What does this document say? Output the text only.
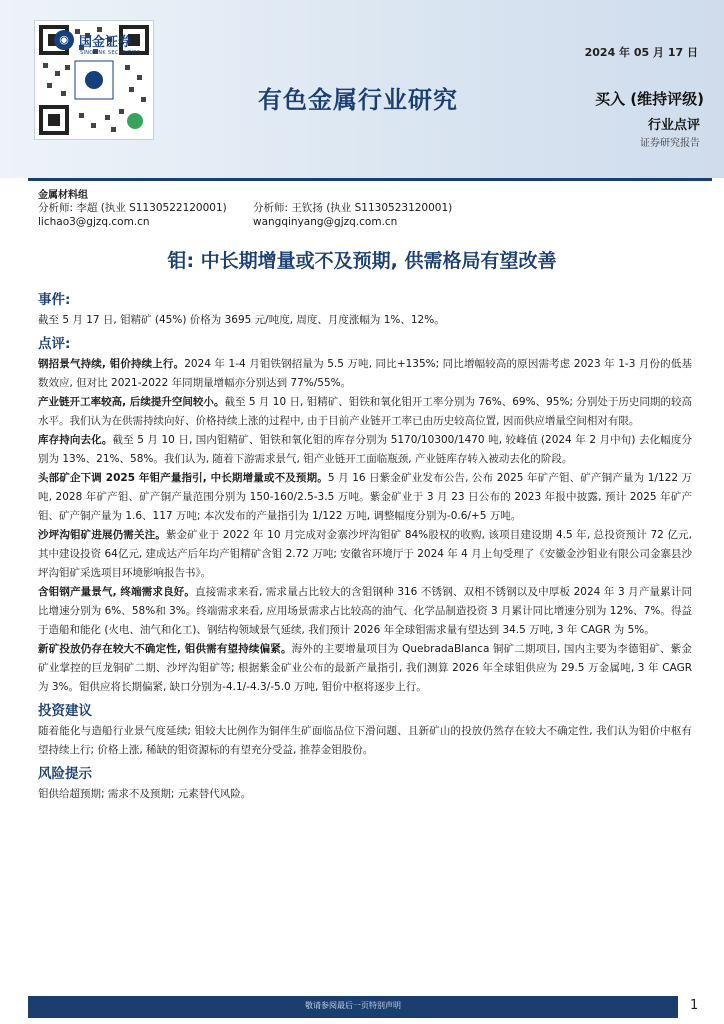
◉ 国金证券
SINOLINK SECURITIES	2024 年 05 月 17 日
有色金属行业研究	买入 (维持评级)
行业点评
证券研究报告
金属材料组
分析师: 李超 (执业 S1130522120001) 分析师: 王钦扬 (执业 S1130523120001)
lichao3@gjzq.com.cn	wangqinyang@gjzq.com.cn
钼: 中长期增量或不及预期, 供需格局有望改善
事件:

截至 5 月 17 日, 钼精矿 (45%) 价格为 3695 元/吨度, 周度、月度涨幅为 1%、12%。

点评:

钢招景气持续, 钼价持续上行。2024 年 1-4 月钼铁钢招量为 5.5 万吨, 同比+135%; 同比增幅较高的原因需考虑 2023 年 1-3 月份的低基数效应, 但对比 2021-2022 年同期量增幅亦分别达到 77%/55%。

产业链开工率较高, 后续提升空间较小。截至 5 月 10 日, 钼精矿、钼铁和氧化钼开工率分别为 76%、69%、95%; 分别处于历史同期的较高水平。我们认为在供需持续向好、价格持续上涨的过程中, 由于目前产业链开工率已由历史较高位置, 因而供应增量空间相对有限。

库存持向去化。截至 5 月 10 日, 国内钼精矿、钼铁和氧化钼的库存分别为 5170/10300/1470 吨, 较峰值 (2024 年 2 月中旬) 去化幅度分别为 13%、21%、58%。我们认为, 随着下游需求景气, 钼产业链开工面临瓶颈, 产业链库存转入被动去化的阶段。

头部矿企下调 2025 年钼产量指引, 中长期增量或不及预期。5 月 16 日紫金矿业发布公告, 公布 2025 年矿产钼、矿产铜产量为 1/122 万吨, 2028 年矿产钼、矿产铜产量范围分别为 150-160/2.5-3.5 万吨。紫金矿业于 3 月 23 日公布的 2023 年报中披露, 预计 2025 年矿产钼、矿产铜产量为 1.6、117 万吨; 本次发布的产量指引为 1/122 万吨, 调整幅度分别为-0.6/+5 万吨。

沙坪沟钼矿进展仍需关注。紫金矿业于 2022 年 10 月完成对金寨沙坪沟钼矿 84%股权的收购, 该项目建设期 4.5 年, 总投资预计 72 亿元, 其中建设投资 64亿元, 建成达产后年均产钼精矿含钼 2.72 万吨; 安徽省环境厅于 2024 年 4 月上旬受理了《安徽金沙钼业有限公司金寨县沙坪沟钼矿采选项目环境影响报告书》。

含钼钢产量景气, 终端需求良好。直接需求来看, 需求量占比较大的含钼钢种 316 不锈钢、双相不锈钢以及中厚板 2024 年 3 月产量累计同比增速分别为 6%、58%和 3%。终端需求来看, 应用场景需求占比较高的油气、化学品制造投资 3 月累计同比增速分别为 12%、7%。得益于造船和能化 (火电、油气和化工)、钢结构领域景气延续, 我们预计 2026 年全球钼需求量有望达到 34.5 万吨, 3 年 CAGR 为 5%。

新矿投放仍存在较大不确定性, 钼供需有望持续偏紧。海外的主要增量项目为 QuebradaBlanca 铜矿二期项目, 国内主要为李德钼矿、紫金矿业掌控的巨龙铜矿二期、沙坪沟钼矿等; 根据紫金矿业公布的最新产量指引, 我们测算 2026 年全球钼供应为 29.5 万金属吨, 3 年 CAGR 为 3%。钼供应将长期偏紧, 缺口分别为-4.1/-4.3/-5.0 万吨, 钼价中枢将逐步上行。

投资建议

随着能化与造船行业景气度延续; 钼较大比例作为铜伴生矿面临品位下滑问题、且新矿山的投放仍然存在较大不确定性, 我们认为钼价中枢有望持续上行; 价格上涨, 稀缺的钼资源标的有望充分受益, 推荐金钼股份。

风险提示

钼供给超预期; 需求不及预期; 元素替代风险。

敬请参阅最后一页特别声明	1
